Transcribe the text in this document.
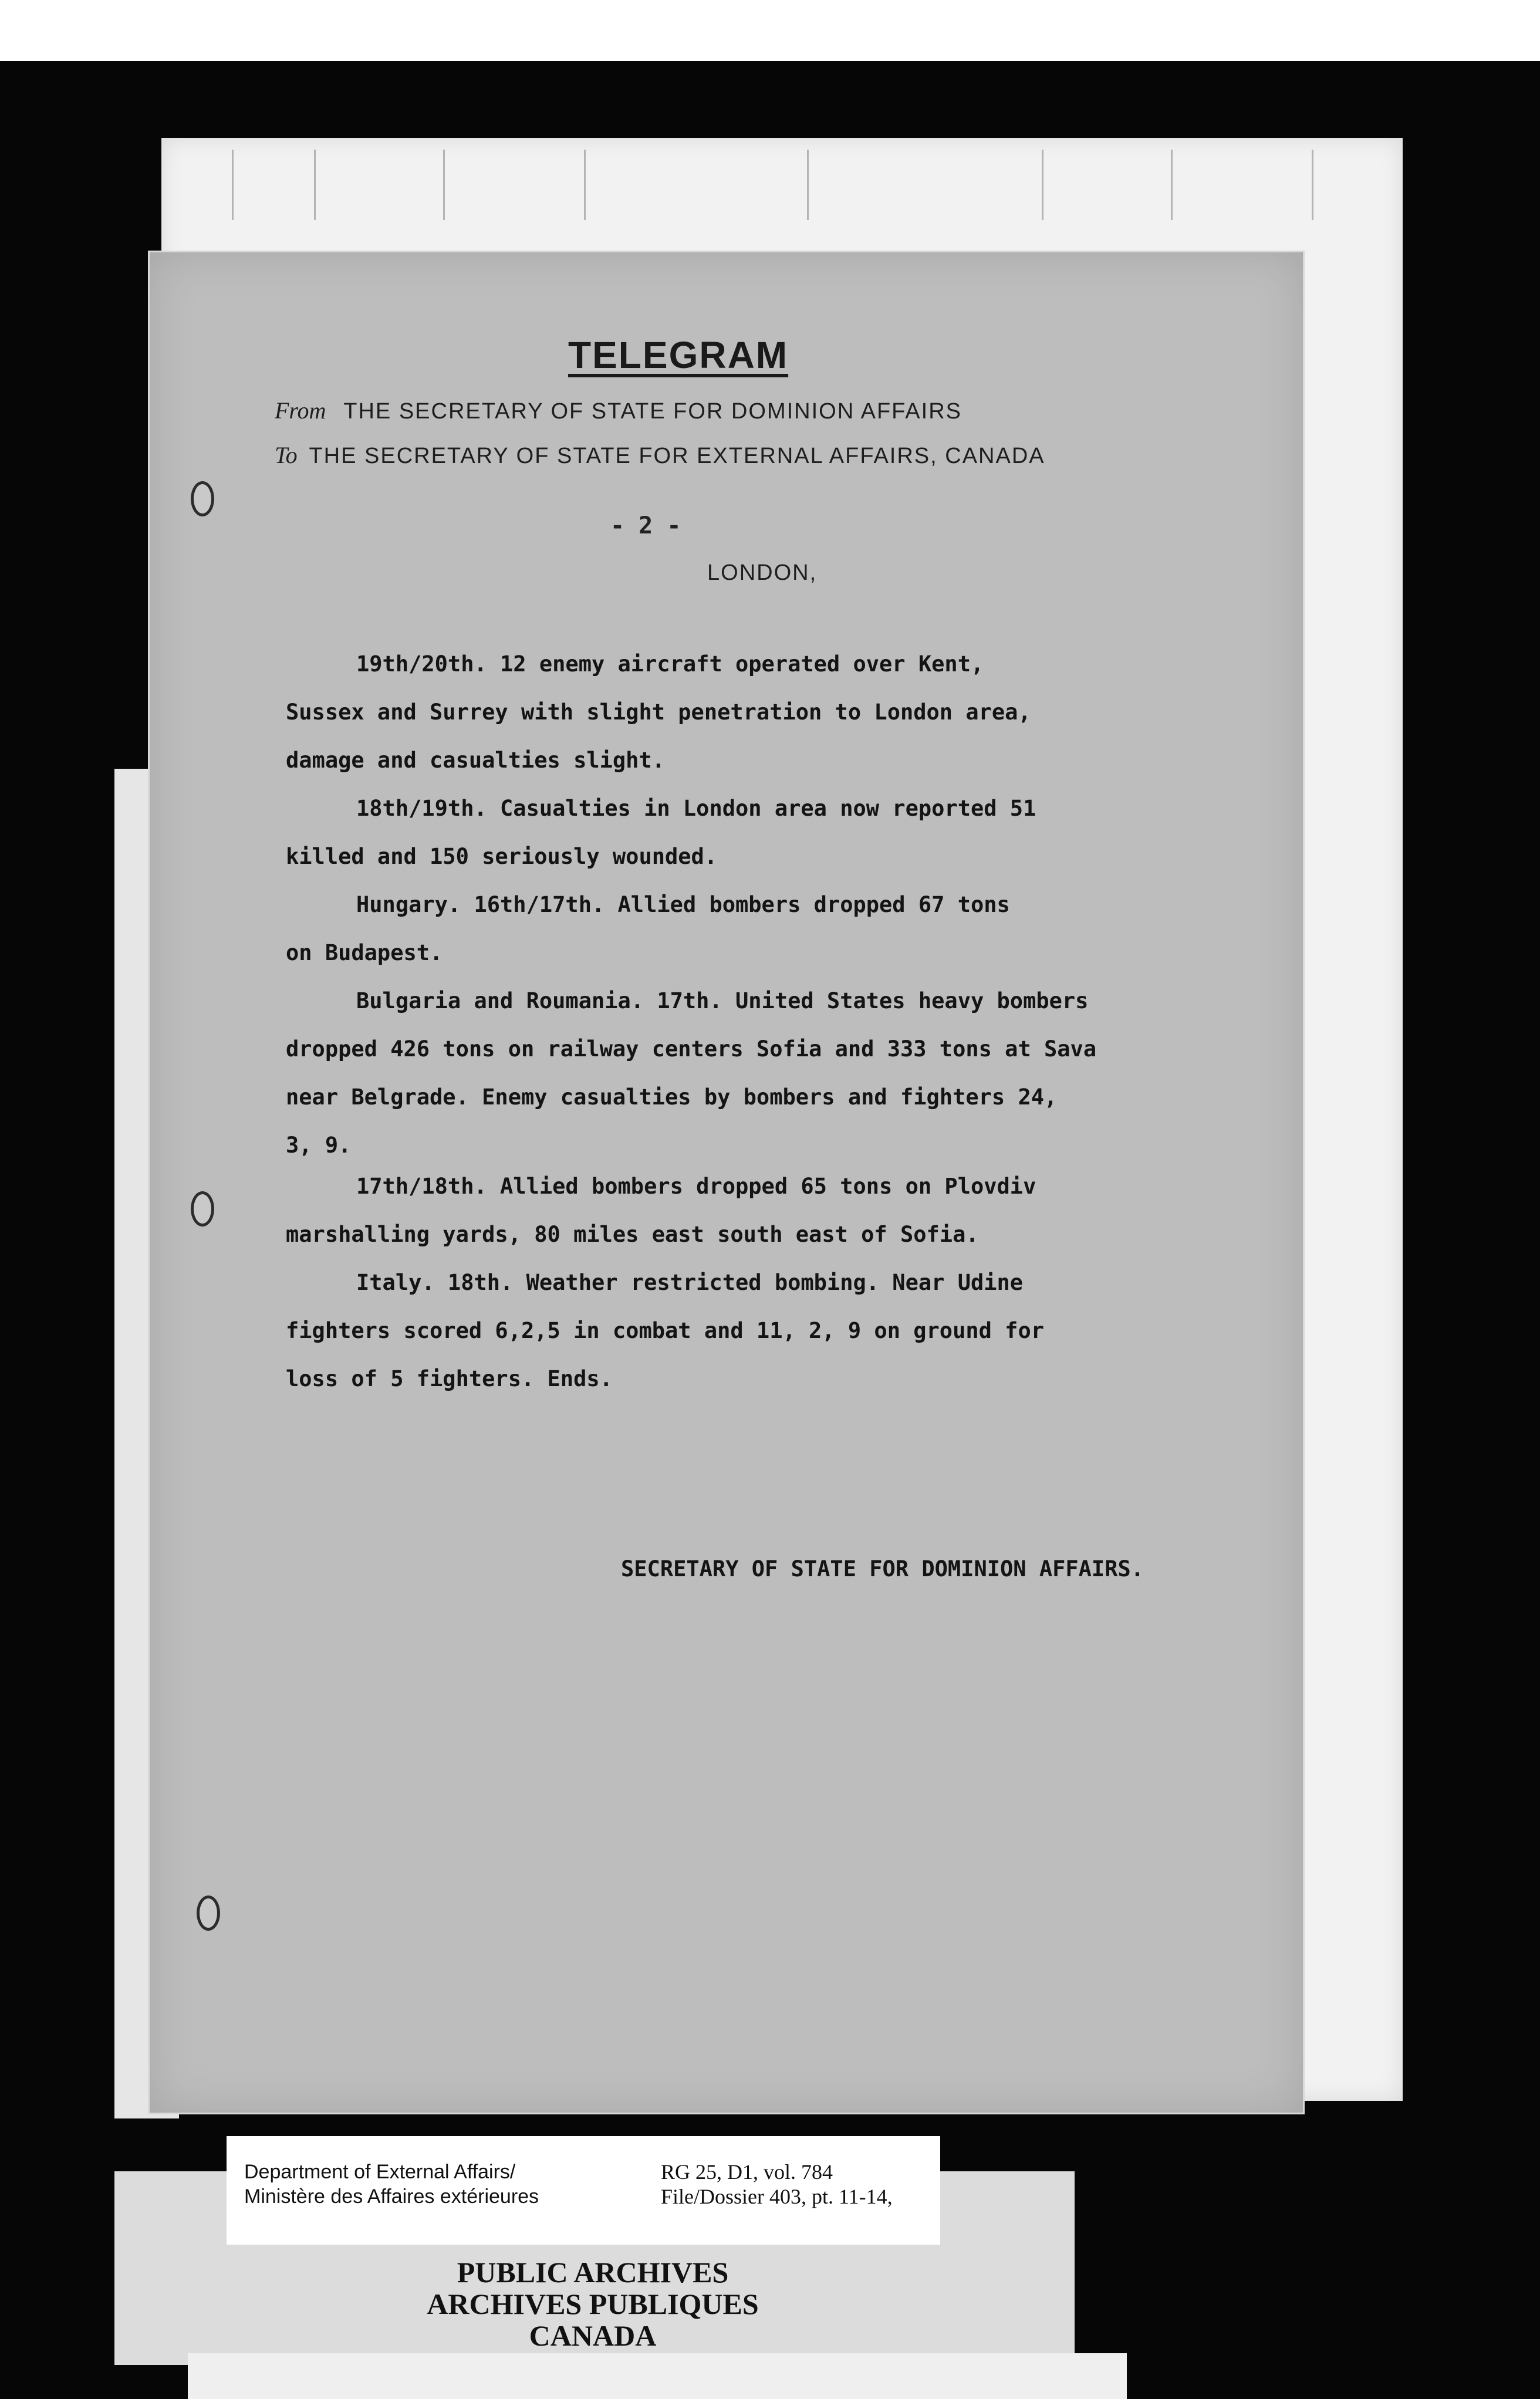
TELEGRAM
From THE SECRETARY OF STATE FOR DOMINION AFFAIRS
To THE SECRETARY OF STATE FOR EXTERNAL AFFAIRS, CANADA
- 2 -
LONDON,
19th/20th. 12 enemy aircraft operated over Kent,
Sussex and Surrey with slight penetration to London area,
damage and casualties slight.
18th/19th. Casualties in London area now reported 51
killed and 150 seriously wounded.
Hungary. 16th/17th. Allied bombers dropped 67 tons
on Budapest.
Bulgaria and Roumania. 17th. United States heavy bombers
dropped 426 tons on railway centers Sofia and 333 tons at Sava
near Belgrade. Enemy casualties by bombers and fighters 24,
3, 9.
17th/18th. Allied bombers dropped 65 tons on Plovdiv
marshalling yards, 80 miles east south east of Sofia.
Italy. 18th. Weather restricted bombing. Near Udine
fighters scored 6,2,5 in combat and 11, 2, 9 on ground for
loss of 5 fighters. Ends.
SECRETARY OF STATE FOR DOMINION AFFAIRS.
Department of External Affairs/
Ministère des Affaires extérieures
RG 25, D1, vol. 784
File/Dossier 403, pt. 11-14,
PUBLIC ARCHIVES
ARCHIVES PUBLIQUES
CANADA
